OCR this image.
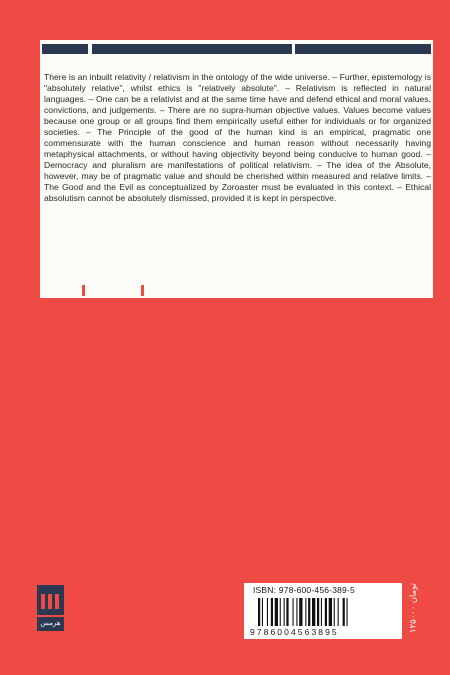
There is an inbuilt relativity / relativism in the ontology of the wide universe. – Further, epistemology is "absolutely relative", whilst ethics is "relatively absolute". – Relativism is reflected in natural languages. – One can be a relativist and at the same time have and defend ethical and moral values, convictions, and judgements. – There are no supra-human objective values. Values become values because one group or all groups find them empirically useful either for individuals or for organized societies. – The Principle of the good of the human kind is an empirical, pragmatic one commensurate with the human conscience and human reason without necessarily having metaphysical attachments, or without having objectivity beyond being conducive to human good. – Democracy and pluralism are manifestations of political relativism. – The idea of the Absolute, however, may be of pragmatic value and should be cherished within measured and relative limits. – The Good and the Evil as conceptualized by Zoroaster must be evaluated in this context. – Ethical absolutism cannot be absolutely dismissed, provided it is kept in perspective.

هرمس
ISBN: 978-600-456-389-5
9786004563895	۱۲۵۰۰۰ تومان
